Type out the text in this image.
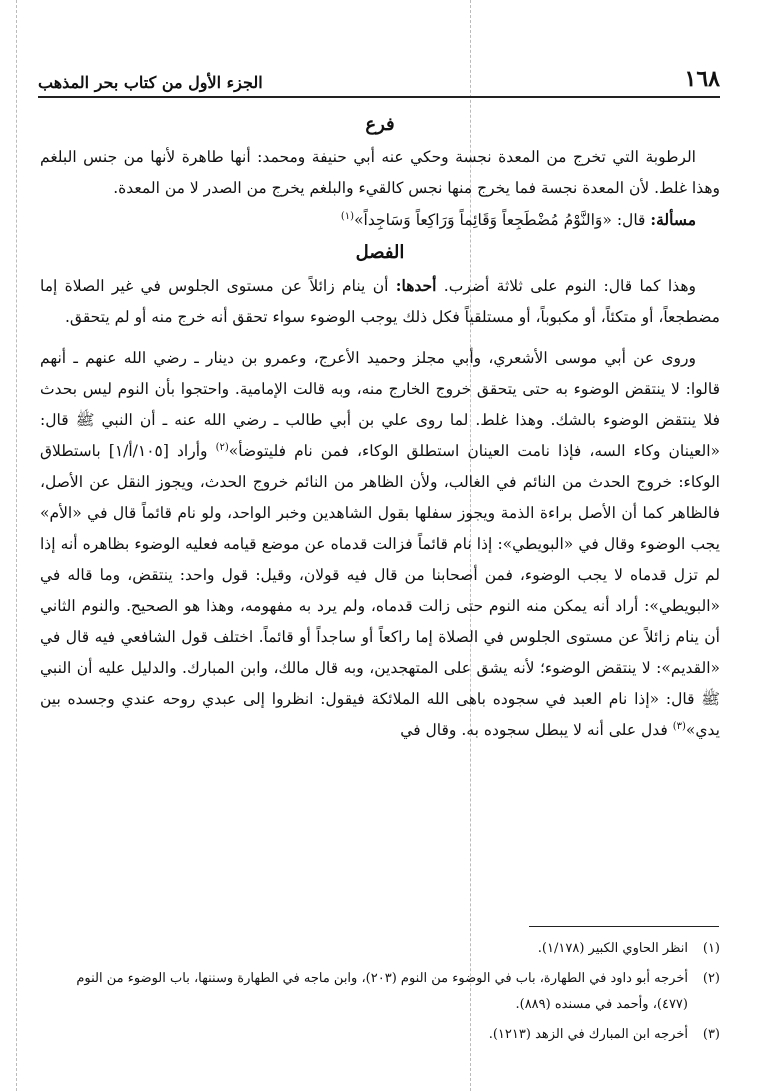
١٦٨
الجزء الأول من كتاب بحر المذهب

فرع

الرطوبة التي تخرج من المعدة نجسة وحكي عنه أبي حنيفة ومحمد: أنها طاهرة لأنها من جنس البلغم وهذا غلط. لأن المعدة نجسة فما يخرج منها نجس كالقيء والبلغم يخرج من الصدر لا من المعدة.

مسألة: قال: «وَالنَّوْمُ مُضْطَجِعاً وَقَائِماً وَرَاكِعاً وَسَاجِداً»$^{(١)}$

الفصل

وهذا كما قال: النوم على ثلاثة أضرب. أحدها: أن ينام زائلاً عن مستوى الجلوس في غير الصلاة إما مضطجعاً، أو متكئاً، أو مكبوباً، أو مستلقياً فكل ذلك يوجب الوضوء سواء تحقق أنه خرج منه أو لم يتحقق.

وروى عن أبي موسى الأشعري، وأبي مجلز وحميد الأعرج، وعمرو بن دينار ـ رضي الله عنهم ـ أنهم قالوا: لا ينتقض الوضوء به حتى يتحقق خروج الخارج منه، وبه قالت الإمامية. واحتجوا بأن النوم ليس بحدث فلا ينتقض الوضوء بالشك. وهذا غلط. لما روى علي بن أبي طالب ـ رضي الله عنه ـ أن النبي ﷺ قال: «العينان وكاء السه، فإذا نامت العينان استطلق الوكاء، فمن نام فليتوضأ»$^{(٢)}$ وأراد [١٠٥/أ/١] باستطلاق الوكاء: خروج الحدث من النائم في الغالب، ولأن الظاهر من النائم خروج الحدث، ويجوز النقل عن الأصل، فالظاهر كما أن الأصل براءة الذمة ويجوز سفلها بقول الشاهدين وخبر الواحد، ولو نام قائماً قال في «الأم» يجب الوضوء وقال في «البويطي»: إذا نام قائماً فزالت قدماه عن موضع قيامه فعليه الوضوء بظاهره أنه إذا لم تزل قدماه لا يجب الوضوء، فمن أصحابنا من قال فيه قولان، وقيل: قول واحد: ينتقض، وما قاله في «البويطي»: أراد أنه يمكن منه النوم حتى زالت قدماه، ولم يرد به مفهومه، وهذا هو الصحيح. والنوم الثاني أن ينام زائلاً عن مستوى الجلوس في الصلاة إما راكعاً أو ساجداً أو قائماً. اختلف قول الشافعي فيه قال في «القديم»: لا ينتقض الوضوء؛ لأنه يشق على المتهجدين، وبه قال مالك، وابن المبارك. والدليل عليه أن النبي ﷺ قال: «إذا نام العبد في سجوده باهى الله الملائكة فيقول: انظروا إلى عبدي روحه عندي وجسده بين يدي»$^{(٣)}$ فدل على أنه لا يبطل سجوده به. وقال في

(١)
انظر الحاوي الكبير (١/١٧٨).

(٢)
أخرجه أبو داود في الطهارة، باب في الوضوء من النوم (٢٠٣)، وابن ماجه في الطهارة وسننها، باب الوضوء من النوم (٤٧٧)، وأحمد في مسنده (٨٨٩).

(٣)
أخرجه ابن المبارك في الزهد (١٢١٣).
